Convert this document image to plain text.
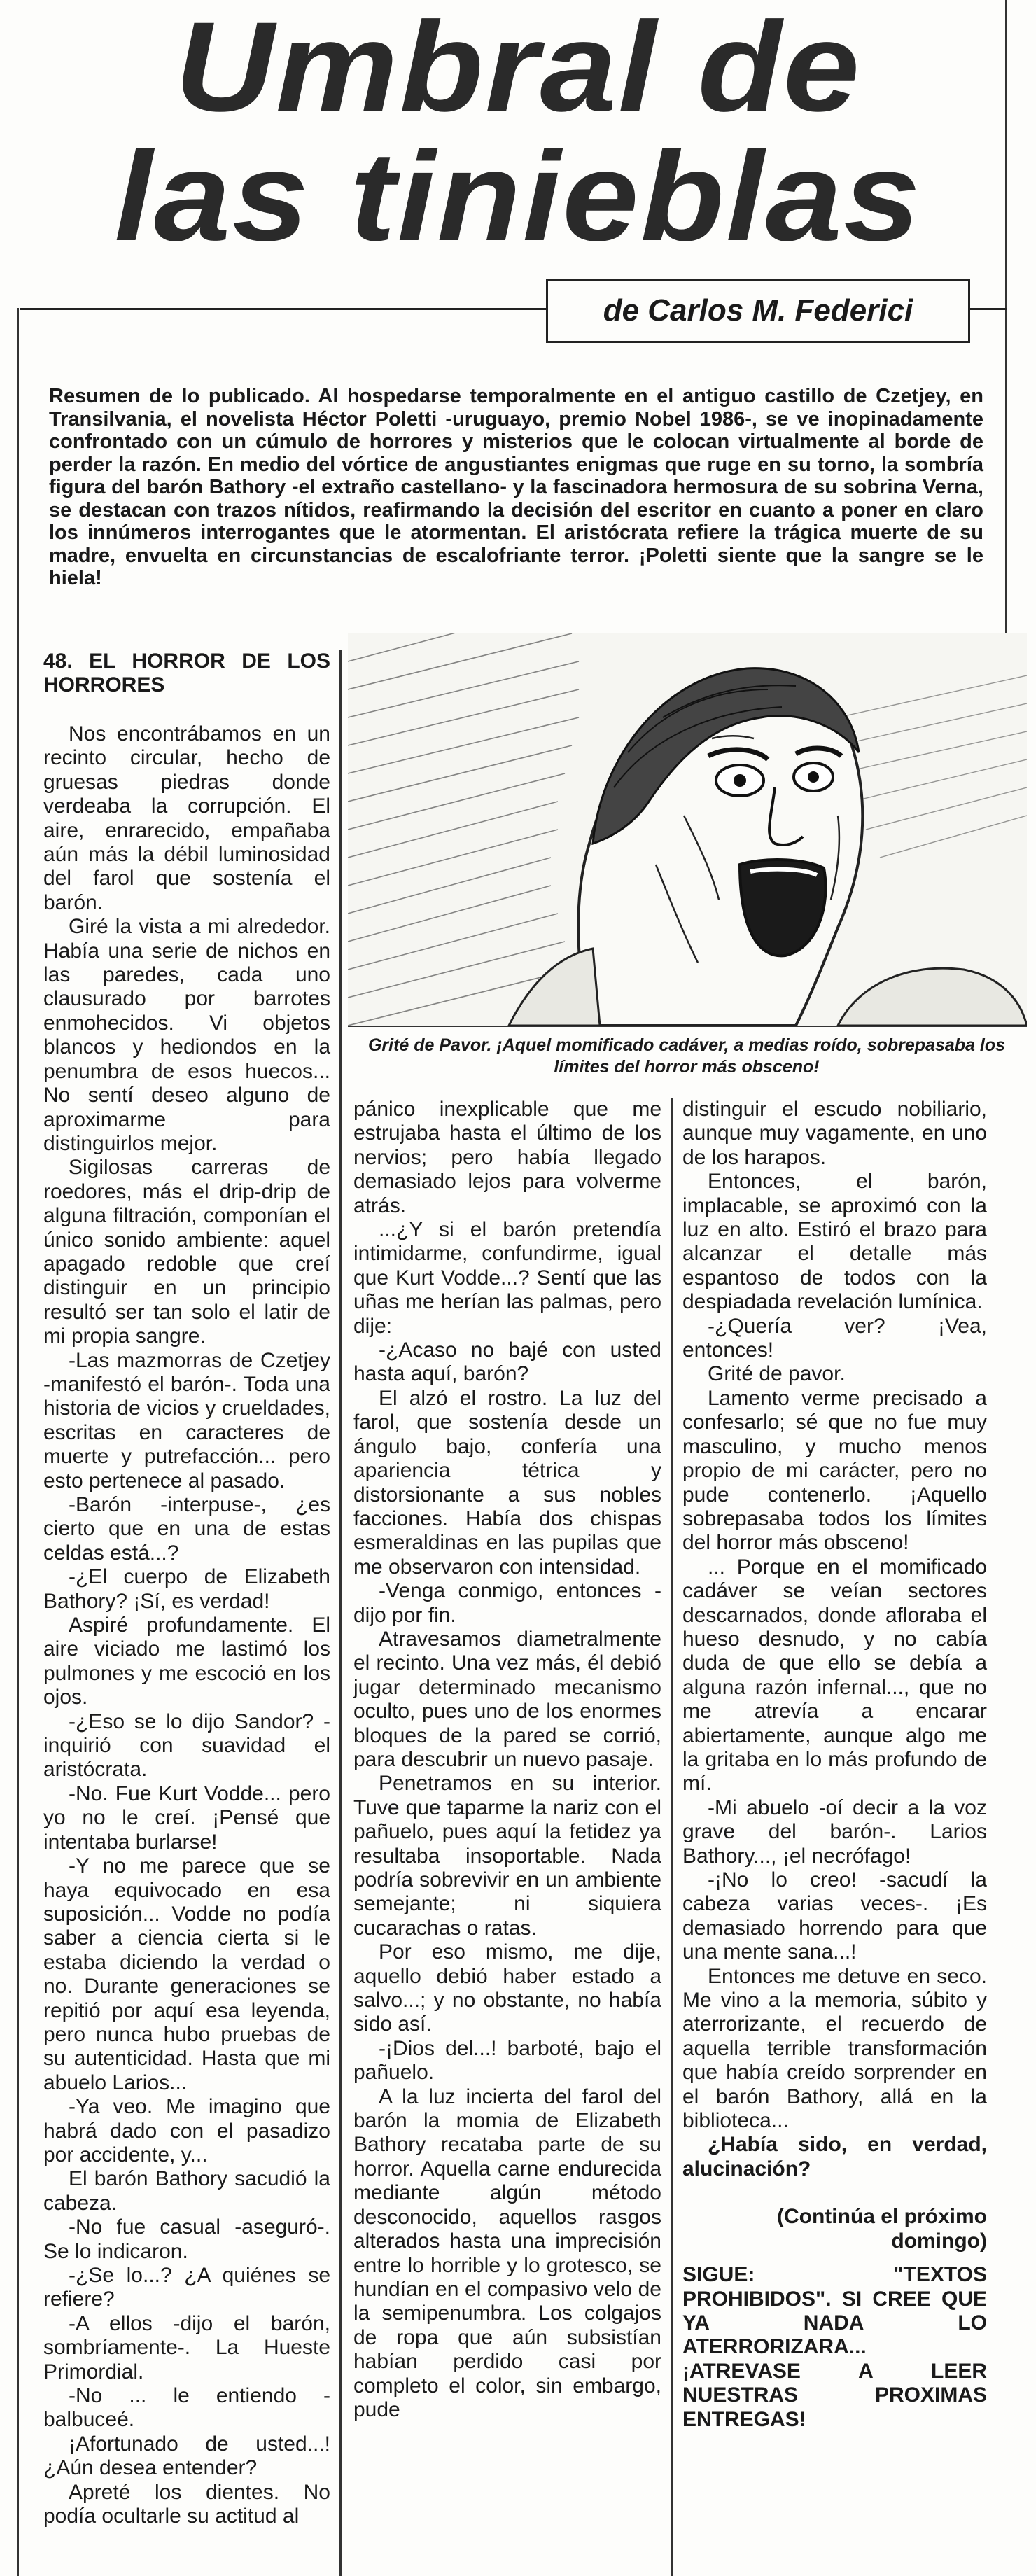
Umbral de
las tinieblas
de Carlos M. Federici
Resumen de lo publicado. Al hospedarse temporalmente en el antiguo castillo de Czetjey, en Transilvania, el novelista Héctor Poletti -uruguayo, premio Nobel 1986-, se ve inopinadamente confrontado con un cúmulo de horrores y misterios que le colocan virtualmente al borde de perder la razón. En medio del vórtice de angustiantes enigmas que ruge en su torno, la sombría figura del barón Bathory -el extraño castellano- y la fascinadora hermosura de su sobrina Verna, se destacan con trazos nítidos, reafirmando la decisión del escritor en cuanto a poner en claro los innúmeros interrogantes que le atormentan. El aristócrata refiere la trágica muerte de su madre, envuelta en circunstancias de escalofriante terror. ¡Poletti siente que la sangre se le hiela!
Grité de Pavor. ¡Aquel momificado cadáver, a medias roído, sobrepasaba los límites del horror más obsceno!
48. EL HORROR DE LOS HORRORES

Nos encontrábamos en un recinto circular, hecho de gruesas piedras donde verdeaba la corrupción. El aire, enrarecido, empañaba aún más la débil luminosidad del farol que sostenía el barón.

Giré la vista a mi alrededor. Había una serie de nichos en las paredes, cada uno clausurado por barrotes enmohecidos. Vi objetos blancos y hediondos en la penumbra de esos huecos... No sentí deseo alguno de aproximarme para distinguirlos mejor.

Sigilosas carreras de roedores, más el drip-drip de alguna filtración, componían el único sonido ambiente: aquel apagado redoble que creí distinguir en un principio resultó ser tan solo el latir de mi propia sangre.

-Las mazmorras de Czetjey -manifestó el barón-. Toda una historia de vicios y crueldades, escritas en caracteres de muerte y putrefacción... pero esto pertenece al pasado.

-Barón -interpuse-, ¿es cierto que en una de estas celdas está...?

-¿El cuerpo de Elizabeth Bathory? ¡Sí, es verdad!

Aspiré profundamente. El aire viciado me lastimó los pulmones y me escoció en los ojos.

-¿Eso se lo dijo Sandor? -inquirió con suavidad el aristócrata.

-No. Fue Kurt Vodde... pero yo no le creí. ¡Pensé que intentaba burlarse!

-Y no me parece que se haya equivocado en esa suposición... Vodde no podía saber a ciencia cierta si le estaba diciendo la verdad o no. Durante generaciones se repitió por aquí esa leyenda, pero nunca hubo pruebas de su autenticidad. Hasta que mi abuelo Larios...

-Ya veo. Me imagino que habrá dado con el pasadizo por accidente, y...

El barón Bathory sacudió la cabeza.

-No fue casual -aseguró-. Se lo indicaron.

-¿Se lo...? ¿A quiénes se refiere?

-A ellos -dijo el barón, sombríamente-. La Hueste Primordial.

-No ... le entiendo -balbuceé.

¡Afortunado de usted...! ¿Aún desea entender?

Apreté los dientes. No podía ocultarle su actitud al

pánico inexplicable que me estrujaba hasta el último de los nervios; pero había llegado demasiado lejos para volverme atrás.

...¿Y si el barón pretendía intimidarme, confundirme, igual que Kurt Vodde...? Sentí que las uñas me herían las palmas, pero dije:

-¿Acaso no bajé con usted hasta aquí, barón?

El alzó el rostro. La luz del farol, que sostenía desde un ángulo bajo, confería una apariencia tétrica y distorsionante a sus nobles facciones. Había dos chispas esmeraldinas en las pupilas que me observaron con intensidad.

-Venga conmigo, entonces -dijo por fin.

Atravesamos diametralmente el recinto. Una vez más, él debió jugar determinado mecanismo oculto, pues uno de los enormes bloques de la pared se corrió, para descubrir un nuevo pasaje.

Penetramos en su interior. Tuve que taparme la nariz con el pañuelo, pues aquí la fetidez ya resultaba insoportable. Nada podría sobrevivir en un ambiente semejante; ni siquiera cucarachas o ratas.

Por eso mismo, me dije, aquello debió haber estado a salvo...; y no obstante, no había sido así.

-¡Dios del...! barboté, bajo el pañuelo.

A la luz incierta del farol del barón la momia de Elizabeth Bathory recataba parte de su horror. Aquella carne endurecida mediante algún método desconocido, aquellos rasgos alterados hasta una imprecisión entre lo horrible y lo grotesco, se hundían en el compasivo velo de la semipenumbra. Los colgajos de ropa que aún subsistían habían perdido casi por completo el color, sin embargo, pude

distinguir el escudo nobiliario, aunque muy vagamente, en uno de los harapos.

Entonces, el barón, implacable, se aproximó con la luz en alto. Estiró el brazo para alcanzar el detalle más espantoso de todos con la despiadada revelación lumínica.

-¿Quería ver? ¡Vea, entonces!

Grité de pavor.

Lamento verme precisado a confesarlo; sé que no fue muy masculino, y mucho menos propio de mi carácter, pero no pude contenerlo. ¡Aquello sobrepasaba todos los límites del horror más obsceno!

... Porque en el momificado cadáver se veían sectores descarnados, donde afloraba el hueso desnudo, y no cabía duda de que ello se debía a alguna razón infernal..., que no me atrevía a encarar abiertamente, aunque algo me la gritaba en lo más profundo de mí.

-Mi abuelo -oí decir a la voz grave del barón-. Larios Bathory..., ¡el necrófago!

-¡No lo creo! -sacudí la cabeza varias veces-. ¡Es demasiado horrendo para que una mente sana...!

Entonces me detuve en seco. Me vino a la memoria, súbito y aterrorizante, el recuerdo de aquella terrible transformación que había creído sorprender en el barón Bathory, allá en la biblioteca...

¿Había sido, en verdad, alucinación?

(Continúa el próximo domingo)

SIGUE: "TEXTOS PROHIBIDOS". SI CREE QUE YA NADA LO ATERRORIZARA... ¡ATREVASE A LEER NUESTRAS PROXIMAS ENTREGAS!
